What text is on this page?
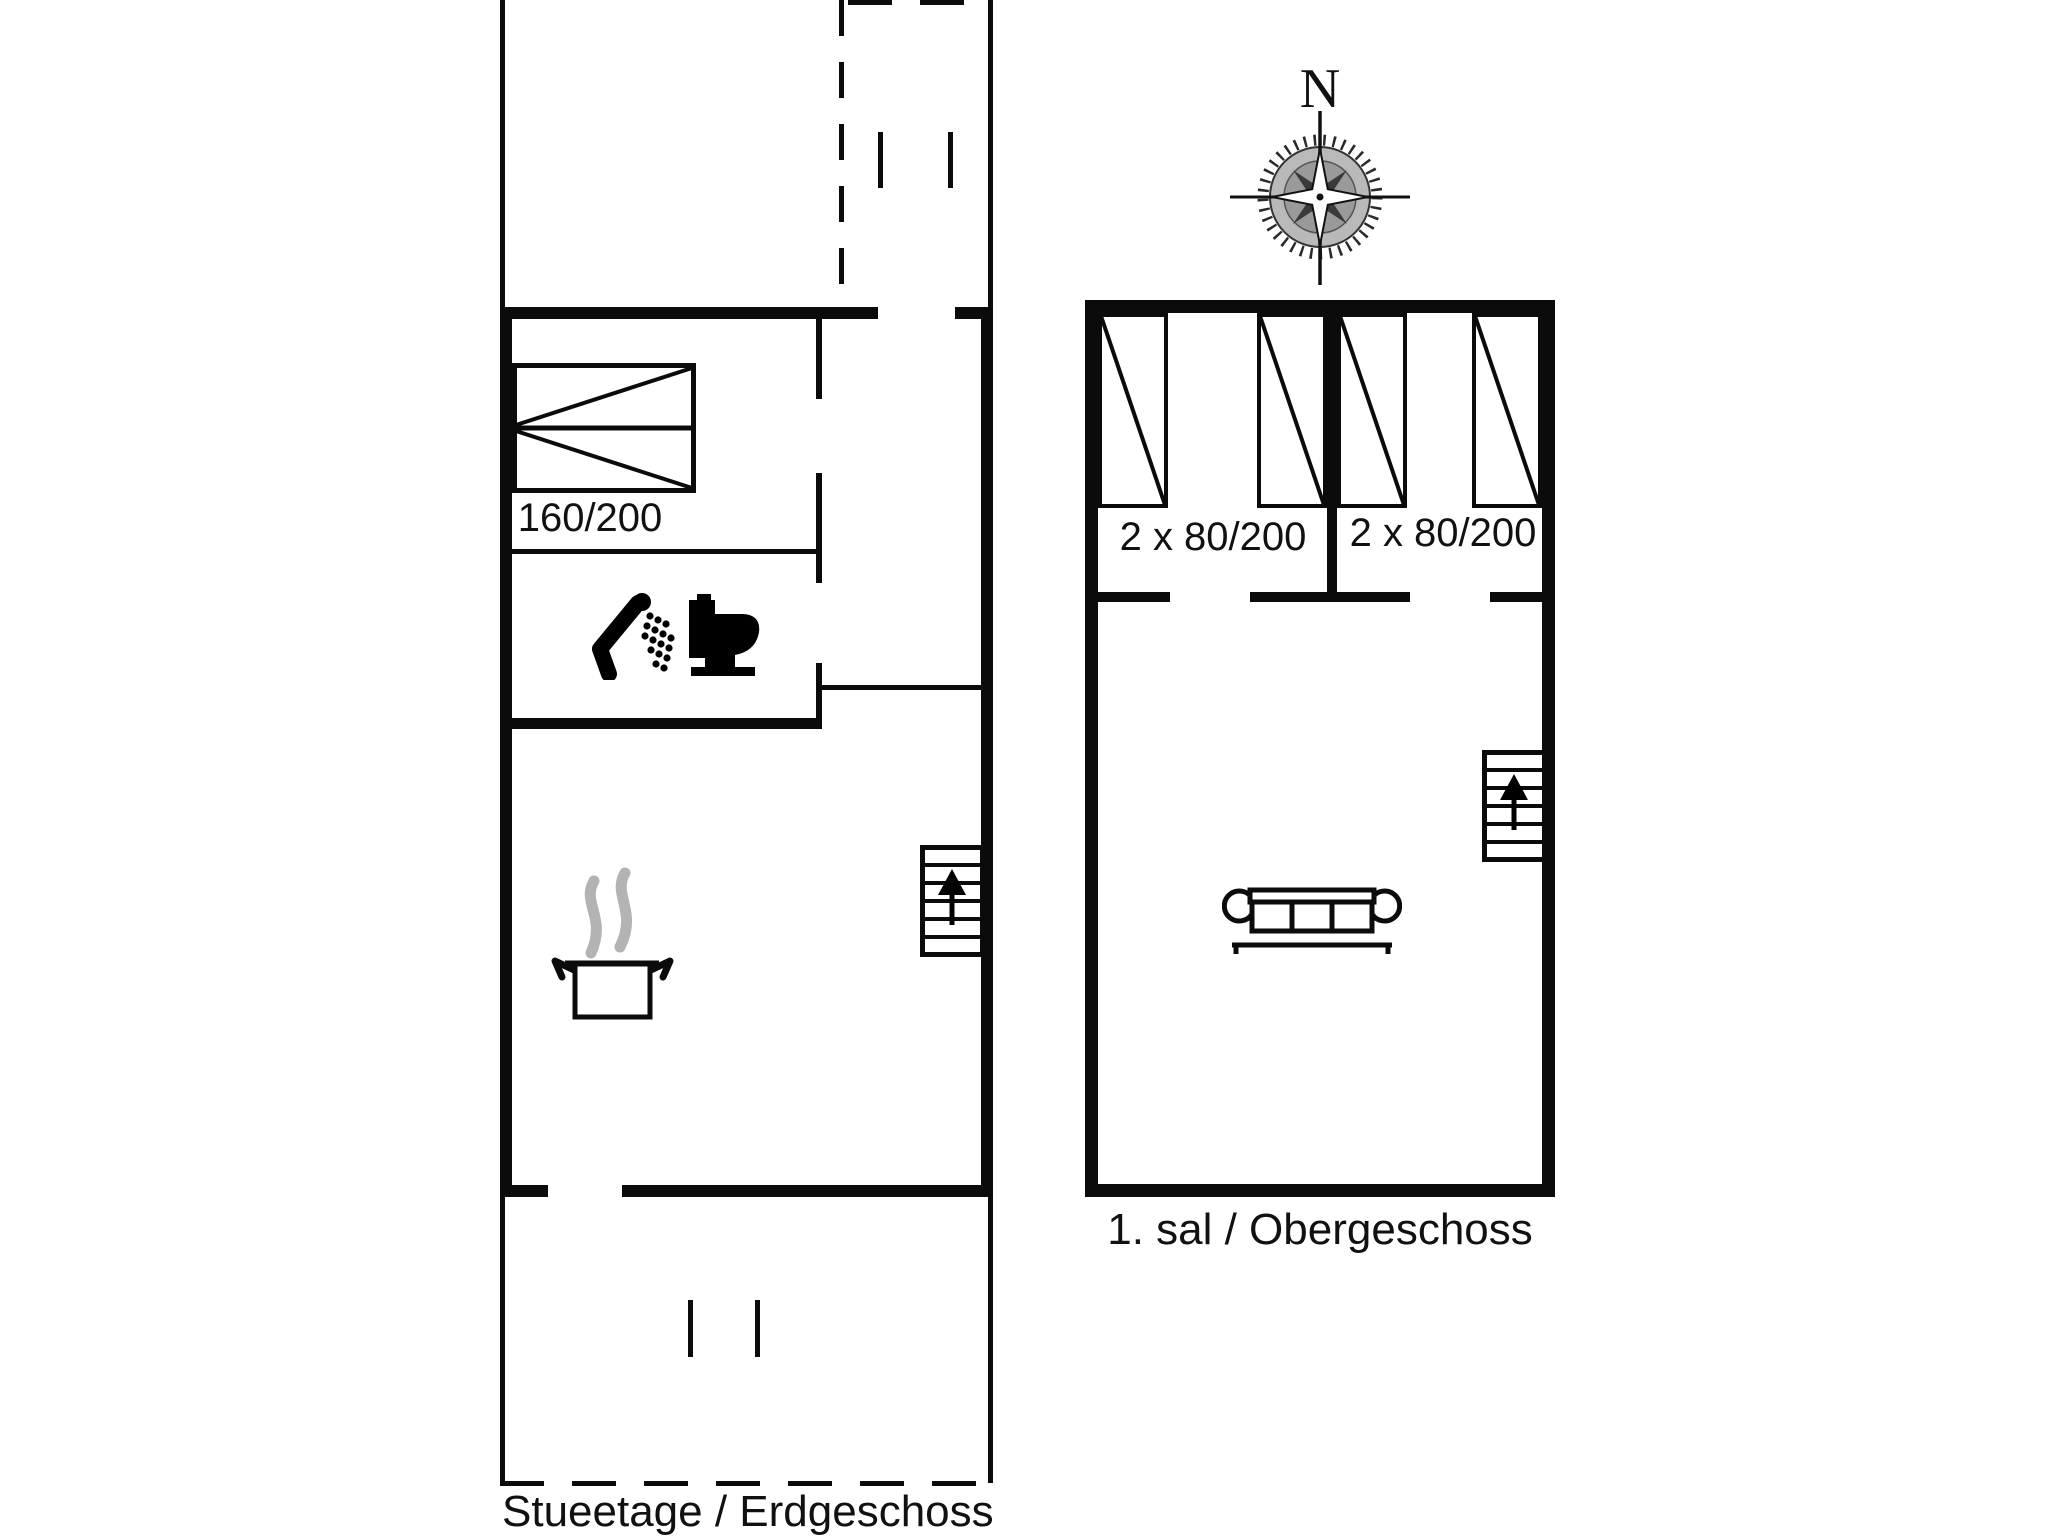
160/200
Stueetage / Erdgeschoss
N
2 x 80/200	2 x 80/200
1. sal / Obergeschoss
